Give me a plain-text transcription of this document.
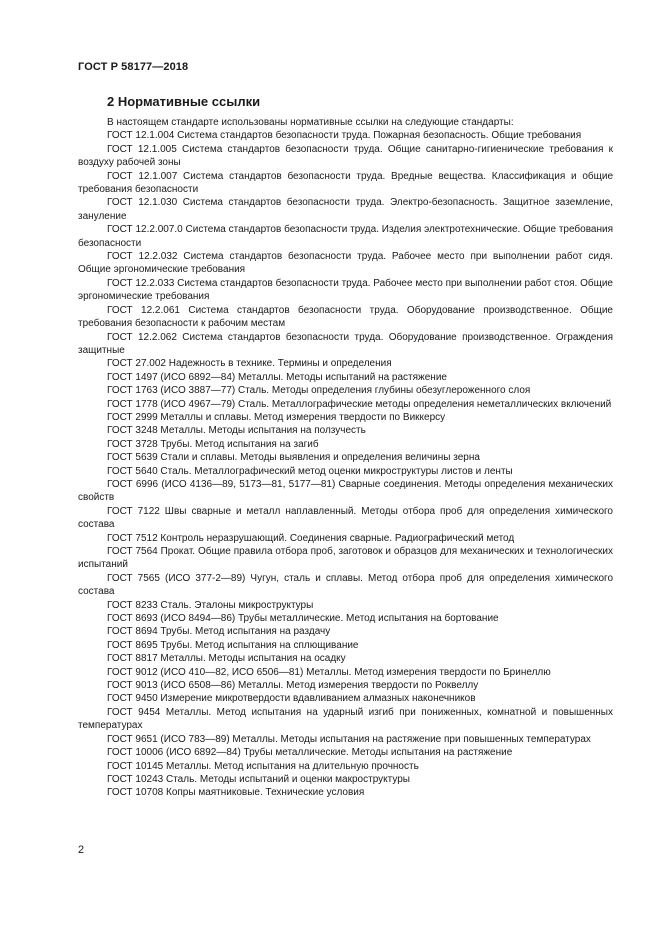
ГОСТ Р 58177—2018
2 Нормативные ссылки

В настоящем стандарте использованы нормативные ссылки на следующие стандарты:

ГОСТ 12.1.004 Система стандартов безопасности труда. Пожарная безопасность. Общие требования

ГОСТ 12.1.005 Система стандартов безопасности труда. Общие санитарно-гигиенические требования к воздуху рабочей зоны

ГОСТ 12.1.007 Система стандартов безопасности труда. Вредные вещества. Классификация и общие требования безопасности

ГОСТ 12.1.030 Система стандартов безопасности труда. Электро-безопасность. Защитное заземление, зануление

ГОСТ 12.2.007.0 Система стандартов безопасности труда. Изделия электротехнические. Общие требования безопасности

ГОСТ 12.2.032 Система стандартов безопасности труда. Рабочее место при выполнении работ сидя. Общие эргономические требования

ГОСТ 12.2.033 Система стандартов безопасности труда. Рабочее место при выполнении работ стоя. Общие эргономические требования

ГОСТ 12.2.061 Система стандартов безопасности труда. Оборудование производственное. Общие требования безопасности к рабочим местам

ГОСТ 12.2.062 Система стандартов безопасности труда. Оборудование производственное. Ограждения защитные

ГОСТ 27.002 Надежность в технике. Термины и определения

ГОСТ 1497 (ИСО 6892—84) Металлы. Методы испытаний на растяжение

ГОСТ 1763 (ИСО 3887—77) Сталь. Методы определения глубины обезуглероженного слоя

ГОСТ 1778 (ИСО 4967—79) Сталь. Металлографические методы определения неметаллических включений

ГОСТ 2999 Металлы и сплавы. Метод измерения твердости по Виккерсу

ГОСТ 3248 Металлы. Методы испытания на ползучесть

ГОСТ 3728 Трубы. Метод испытания на загиб

ГОСТ 5639 Стали и сплавы. Методы выявления и определения величины зерна

ГОСТ 5640 Сталь. Металлографический метод оценки микроструктуры листов и ленты

ГОСТ 6996 (ИСО 4136—89, 5173—81, 5177—81) Сварные соединения. Методы определения механических свойств

ГОСТ 7122 Швы сварные и металл наплавленный. Методы отбора проб для определения химического состава

ГОСТ 7512 Контроль неразрушающий. Соединения сварные. Радиографический метод

ГОСТ 7564 Прокат. Общие правила отбора проб, заготовок и образцов для механических и технологических испытаний

ГОСТ 7565 (ИСО 377-2—89) Чугун, сталь и сплавы. Метод отбора проб для определения химического состава

ГОСТ 8233 Сталь. Эталоны микроструктуры

ГОСТ 8693 (ИСО 8494—86) Трубы металлические. Метод испытания на бортование

ГОСТ 8694 Трубы. Метод испытания на раздачу

ГОСТ 8695 Трубы. Метод испытания на сплющивание

ГОСТ 8817 Металлы. Методы испытания на осадку

ГОСТ 9012 (ИСО 410—82, ИСО 6506—81) Металлы. Метод измерения твердости по Бринеллю

ГОСТ 9013 (ИСО 6508—86) Металлы. Метод измерения твердости по Роквеллу

ГОСТ 9450 Измерение микротвердости вдавливанием алмазных наконечников

ГОСТ 9454 Металлы. Метод испытания на ударный изгиб при пониженных, комнатной и повышенных температурах

ГОСТ 9651 (ИСО 783—89) Металлы. Методы испытания на растяжение при повышенных температурах

ГОСТ 10006 (ИСО 6892—84) Трубы металлические. Методы испытания на растяжение

ГОСТ 10145 Металлы. Метод испытания на длительную прочность

ГОСТ 10243 Сталь. Методы испытаний и оценки макроструктуры

ГОСТ 10708 Копры маятниковые. Технические условия

2
